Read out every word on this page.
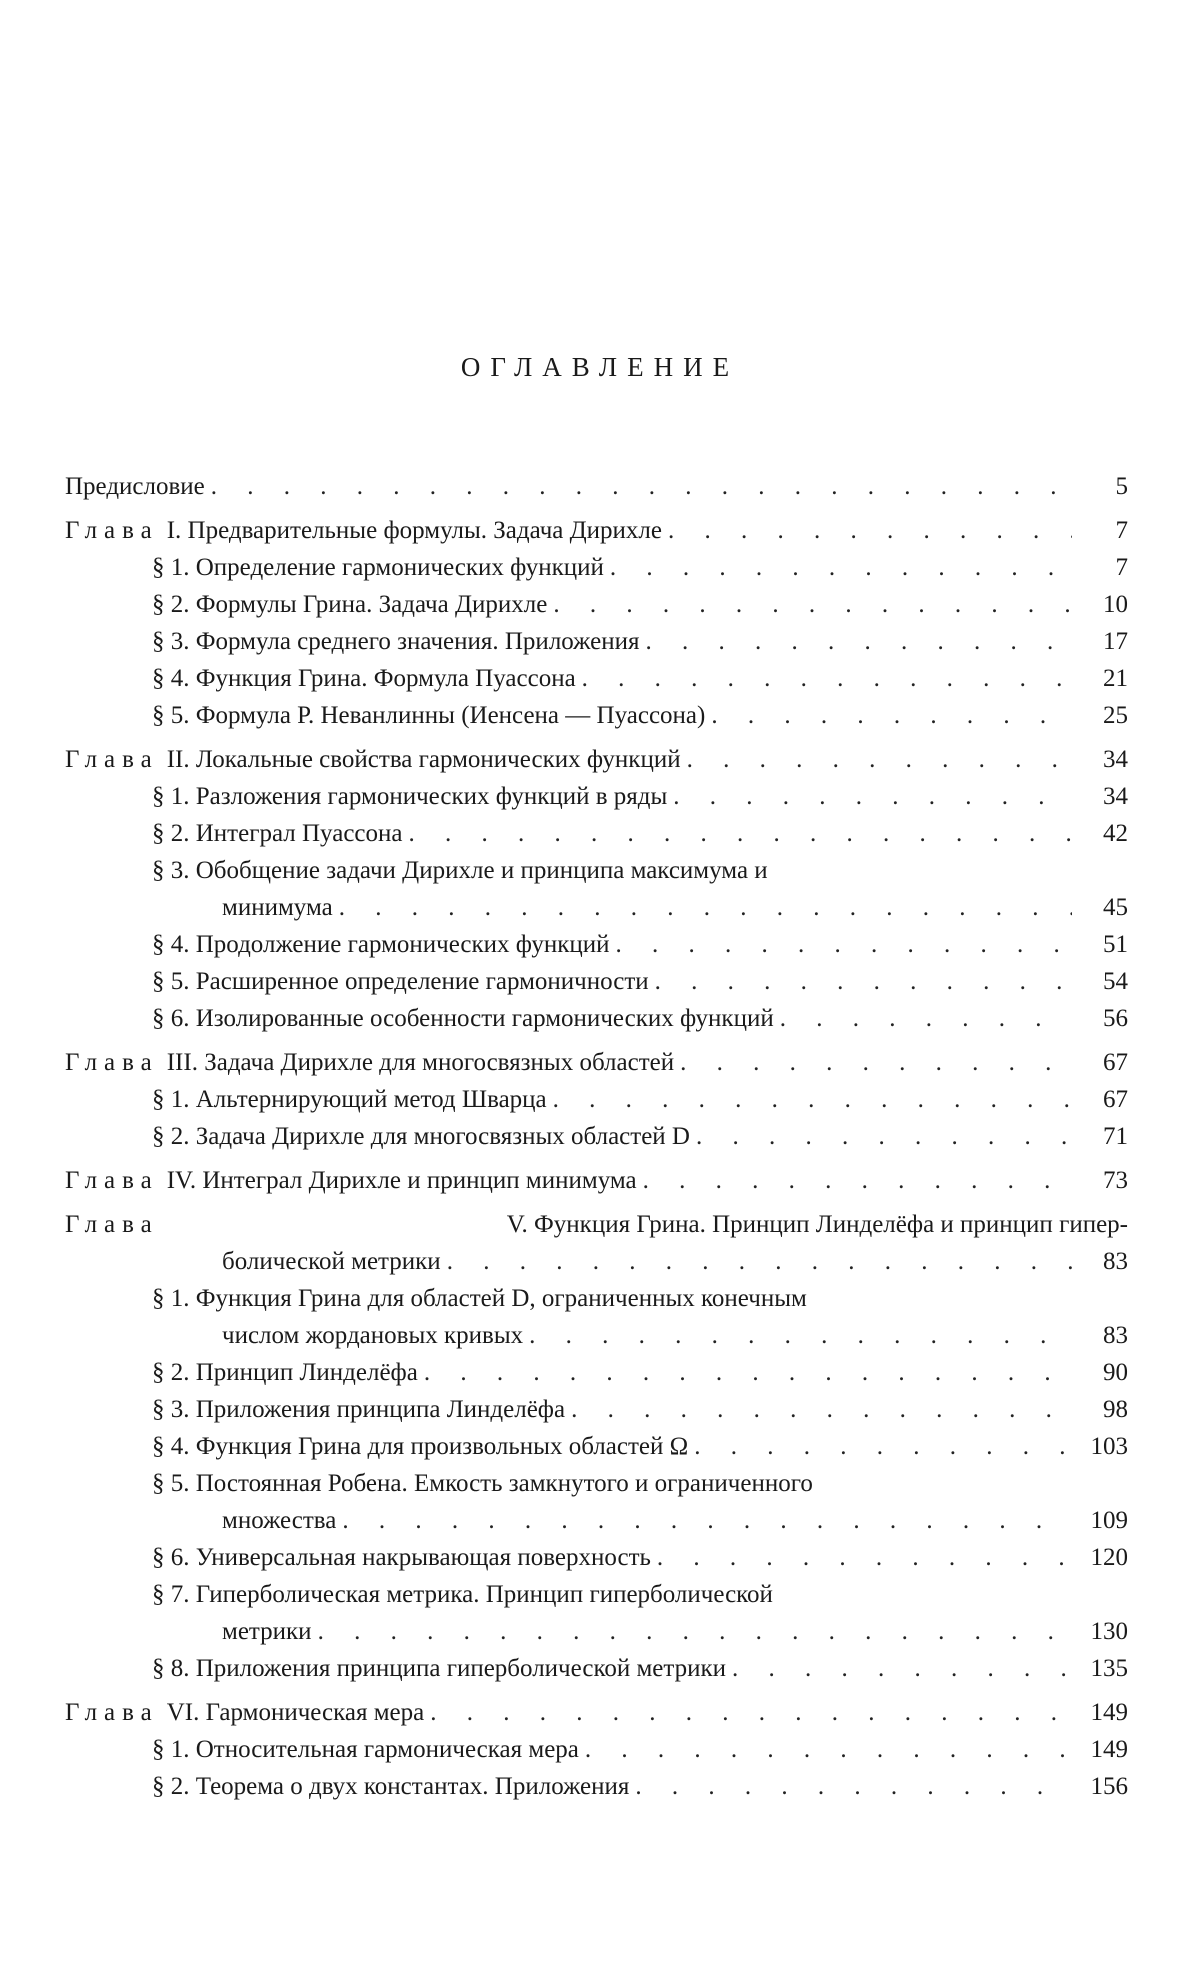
ОГЛАВЛЕНИЕ
Предисловие . . .	5
Глава I. Предварительные формулы. Задача Дирихле . . .	7
§ 1. Определение гармонических функций . . .	7
§ 2. Формулы Грина. Задача Дирихле . . .	10
§ 3. Формула среднего значения. Приложения . . .	17
§ 4. Функция Грина. Формула Пуассона . . .	21
§ 5. Формула Р. Неванлинны (Иенсена — Пуассона) . . .	25
Глава II. Локальные свойства гармонических функций . . .	34
§ 1. Разложения гармонических функций в ряды . . .	34
§ 2. Интеграл Пуассона . . .	42
§ 3. Обобщение задачи Дирихле и принципа максимума и
минимума . . .	45
§ 4. Продолжение гармонических функций . . .	51
§ 5. Расширенное определение гармоничности . . .	54
§ 6. Изолированные особенности гармонических функций . . .	56
Глава III. Задача Дирихле для многосвязных областей . . .	67
§ 1. Альтернирующий метод Шварца . . .	67
§ 2. Задача Дирихле для многосвязных областей D . . .	71
Глава IV. Интеграл Дирихле и принцип минимума . . .	73
Глава	V. Функция Грина. Принцип Линделёфа и принцип гипер-
болической метрики . . .	83
§ 1. Функция Грина для областей D, ограниченных конечным
числом жордановых кривых . . .	83
§ 2. Принцип Линделёфа . . .	90
§ 3. Приложения принципа Линделёфа . . .	98
§ 4. Функция Грина для произвольных областей Ω . . .	103
§ 5. Постоянная Робена. Емкость замкнутого и ограниченного
множества . . .	109
§ 6. Универсальная накрывающая поверхность . . .	120
§ 7. Гиперболическая метрика. Принцип гиперболической
метрики . . .	130
§ 8. Приложения принципа гиперболической метрики . . .	135
Глава VI. Гармоническая мера . . .	149
§ 1. Относительная гармоническая мера . . .	149
§ 2. Теорема о двух константах. Приложения . . .	156
